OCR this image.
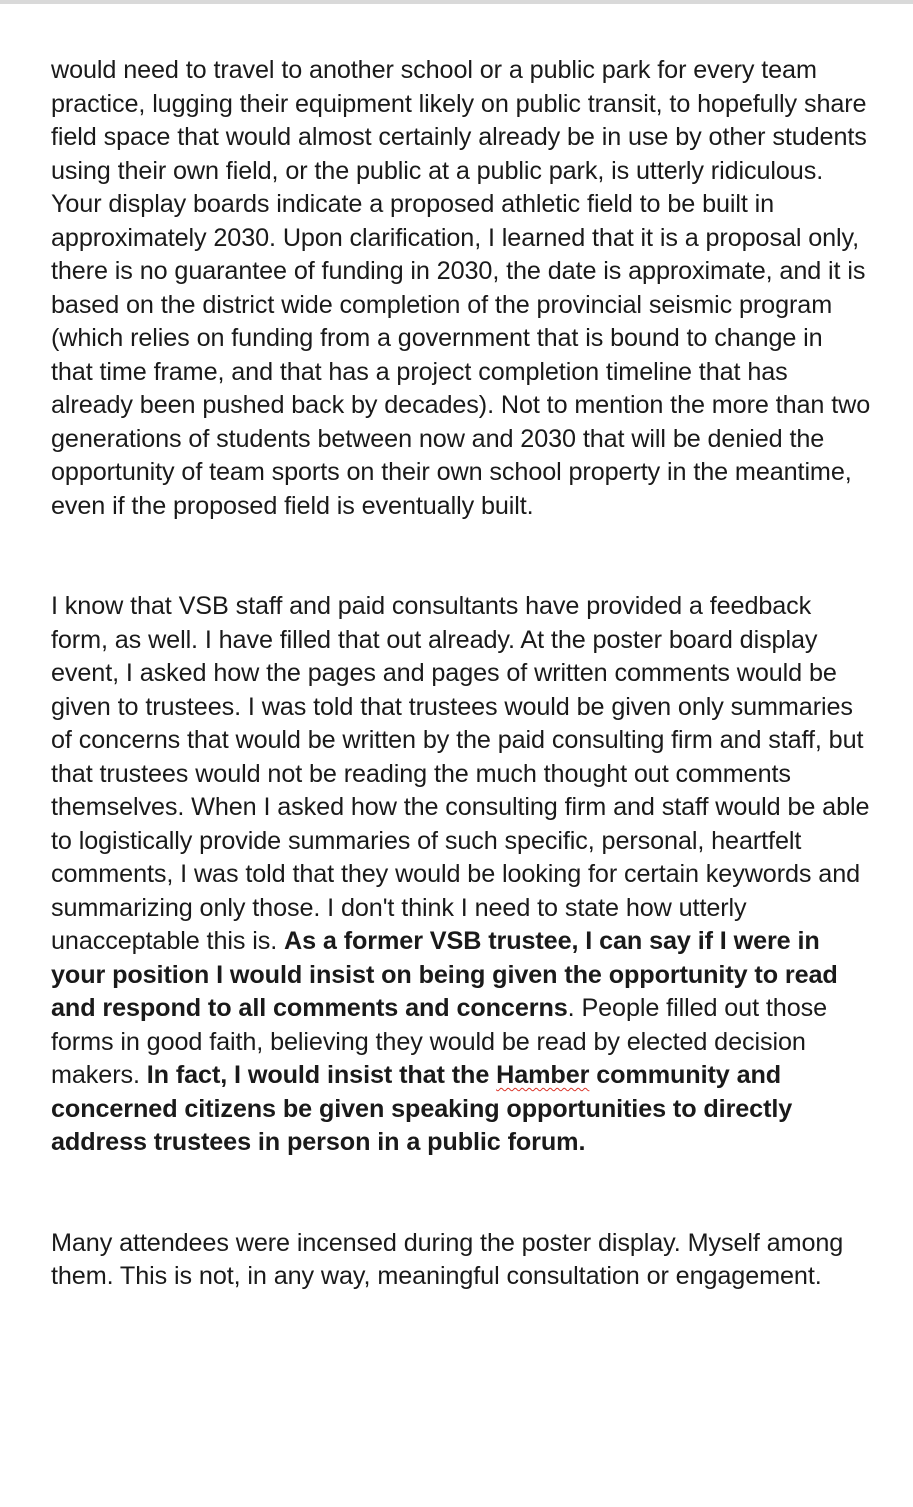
would need to travel to another school or a public park for every team practice, lugging their equipment likely on public transit, to hopefully share field space that would almost certainly already be in use by other students using their own field, or the public at a public park, is utterly ridiculous. Your display boards indicate a proposed athletic field to be built in approximately 2030. Upon clarification, I learned that it is a proposal only, there is no guarantee of funding in 2030, the date is approximate, and it is based on the district wide completion of the provincial seismic program (which relies on funding from a government that is bound to change in that time frame, and that has a project completion timeline that has already been pushed back by decades). Not to mention the more than two generations of students between now and 2030 that will be denied the opportunity of team sports on their own school property in the meantime, even if the proposed field is eventually built.

I know that VSB staff and paid consultants have provided a feedback form, as well. I have filled that out already. At the poster board display event, I asked how the pages and pages of written comments would be given to trustees. I was told that trustees would be given only summaries of concerns that would be written by the paid consulting firm and staff, but that trustees would not be reading the much thought out comments themselves. When I asked how the consulting firm and staff would be able to logistically provide summaries of such specific, personal, heartfelt comments, I was told that they would be looking for certain keywords and summarizing only those. I don't think I need to state how utterly unacceptable this is. As a former VSB trustee, I can say if I were in your position I would insist on being given the opportunity to read and respond to all comments and concerns. People filled out those forms in good faith, believing they would be read by elected decision makers. In fact, I would insist that the Hamber community and concerned citizens be given speaking opportunities to directly address trustees in person in a public forum.

Many attendees were incensed during the poster display. Myself among them. This is not, in any way, meaningful consultation or engagement.
